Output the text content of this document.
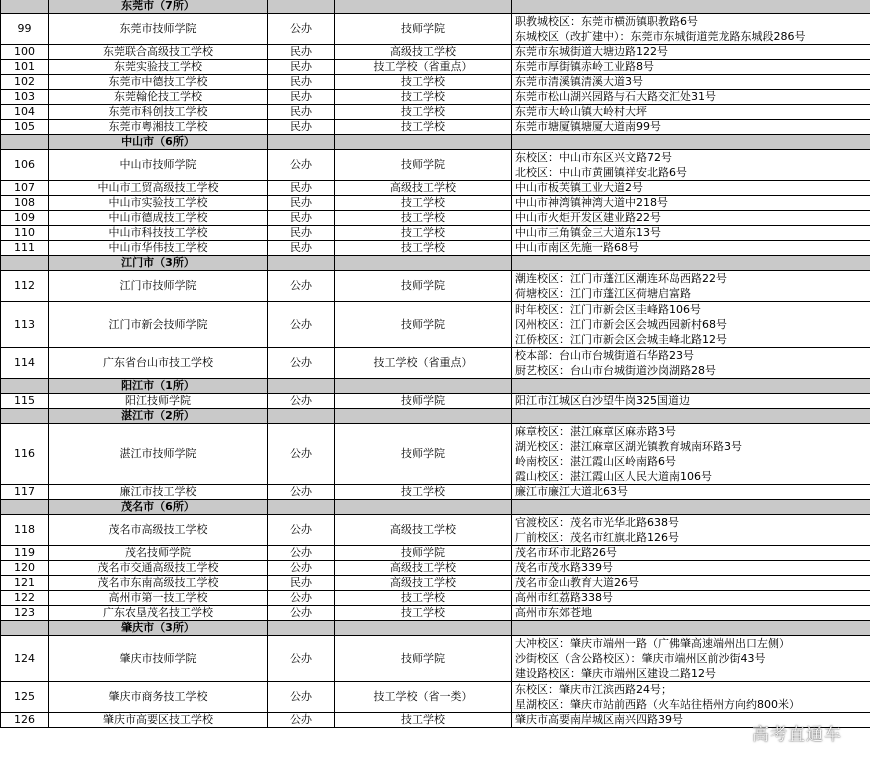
	东莞市（7所）			
99	东莞市技师学院	公办	技师学院	职教城校区：东莞市横沥镇职教路6号
东城校区（改扩建中）：东莞市东城街道莞龙路东城段286号

100	东莞联合高级技工学校	民办	高级技工学校	东莞市东城街道大塘边路122号
101	东莞实验技工学校	民办	技工学校（省重点）	东莞市厚街镇赤岭工业路8号
102	东莞市中德技工学校	民办	技工学校	东莞市清溪镇清溪大道3号
103	东莞翰伦技工学校	民办	技工学校	东莞市松山湖兴园路与石大路交汇处31号
104	东莞市科创技工学校	民办	技工学校	东莞市大岭山镇大岭村大坪
105	东莞市粤湘技工学校	民办	技工学校	东莞市塘厦镇塘厦大道南99号
	中山市（6所）			
106	中山市技师学院	公办	技师学院	东校区：中山市东区兴文路72号
北校区：中山市黄圃镇祥安北路6号

107	中山市工贸高级技工学校	民办	高级技工学校	中山市板芙镇工业大道2号
108	中山市实验技工学校	民办	技工学校	中山市神湾镇神湾大道中218号
109	中山市德成技工学校	民办	技工学校	中山市火炬开发区建业路22号
110	中山市科技技工学校	民办	技工学校	中山市三角镇金三大道东13号
111	中山市华伟技工学校	民办	技工学校	中山市南区先施一路68号
	江门市（3所）			
112	江门市技师学院	公办	技师学院	潮连校区：江门市蓬江区潮连环岛西路22号
荷塘校区：江门市蓬江区荷塘启富路

113	江门市新会技师学院	公办	技师学院	时年校区：江门市新会区圭峰路106号
冈州校区：江门市新会区会城西园新村68号
江侨校区：江门市新会区会城圭峰北路12号

114	广东省台山市技工学校	公办	技工学校（省重点）	校本部：台山市台城街道石华路23号
厨艺校区：台山市台城街道沙岗湖路28号

	阳江市（1所）			
115	阳江技师学院	公办	技师学院	阳江市江城区白沙望牛岗325国道边
	湛江市（2所）			
116	湛江市技师学院	公办	技师学院	麻章校区：湛江麻章区麻赤路3号
湖光校区：湛江麻章区湖光镇教育城南环路3号
岭南校区：湛江霞山区岭南路6号
霞山校区：湛江霞山区人民大道南106号

117	廉江市技工学校	公办	技工学校	廉江市廉江大道北63号
	茂名市（6所）			
118	茂名市高级技工学校	公办	高级技工学校	官渡校区：茂名市光华北路638号
厂前校区：茂名市红旗北路126号

119	茂名技师学院	公办	技师学院	茂名市环市北路26号
120	茂名市交通高级技工学校	公办	高级技工学校	茂名市茂水路339号
121	茂名市东南高级技工学校	民办	高级技工学校	茂名市金山教育大道26号
122	高州市第一技工学校	公办	技工学校	高州市红荔路338号
123	广东农垦茂名技工学校	公办	技工学校	高州市东郊苍地
	肇庆市（3所）			
124	肇庆市技师学院	公办	技师学院	大冲校区：肇庆市端州一路（广佛肇高速端州出口左侧）
沙街校区（含公路校区）：肇庆市端州区前沙街43号
建设路校区：肇庆市端州区建设二路12号

125	肇庆市商务技工学校	公办	技工学校（省一类）	东校区：肇庆市江滨西路24号；
星湖校区：肇庆市站前西路（火车站往梧州方向约800米）

126	肇庆市高要区技工学校	公办	技工学校	肇庆市高要南岸城区南兴四路39号
高考直通车
